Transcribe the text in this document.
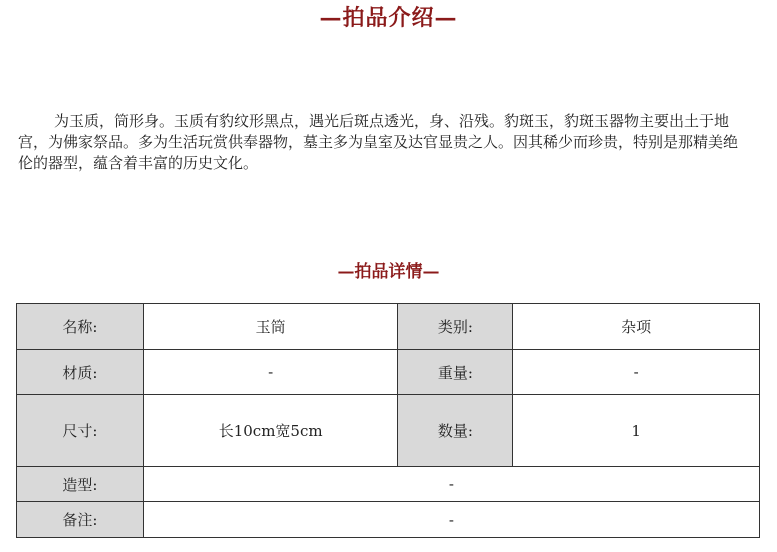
—拍品介绍—

为玉质，筒形身。玉质有豹纹形黑点，遇光后斑点透光，身、沿残。豹斑玉，豹斑玉器物主要出土于地宫，为佛家祭品。多为生活玩赏供奉器物，墓主多为皇室及达官显贵之人。因其稀少而珍贵，特别是那精美绝伦的器型，蕴含着丰富的历史文化。

—拍品详情—
名称:	玉筒	类别:	杂项
材质:	-	重量:	-
尺寸:	长10cm宽5cm	数量:	1
造型:	-		
备注:	-		
